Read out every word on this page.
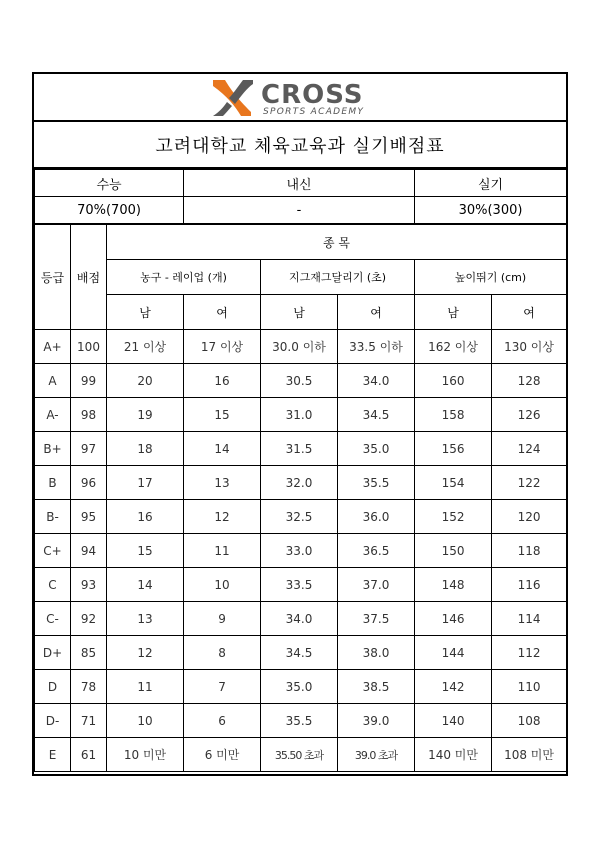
CROSS
SPORTS ACADEMY
고려대학교 체육교육과 실기배점표
수능			내신			실기	
70%(700)			-			30%(300)	
등급	배점	종 목					
		농구 - 레이업 (개)		지그재그달리기 (초)		높이뛰기 (cm)	
		남	여	남	여	남	여
A+	100	21 이상	17 이상	30.0 이하	33.5 이하	162 이상	130 이상
A	99	20	16	30.5	34.0	160	128
A-	98	19	15	31.0	34.5	158	126
B+	97	18	14	31.5	35.0	156	124
B	96	17	13	32.0	35.5	154	122
B-	95	16	12	32.5	36.0	152	120
C+	94	15	11	33.0	36.5	150	118
C	93	14	10	33.5	37.0	148	116
C-	92	13	9	34.0	37.5	146	114
D+	85	12	8	34.5	38.0	144	112
D	78	11	7	35.0	38.5	142	110
D-	71	10	6	35.5	39.0	140	108
E	61	10 미만	6 미만	35.50 초과	39.0 초과	140 미만	108 미만
